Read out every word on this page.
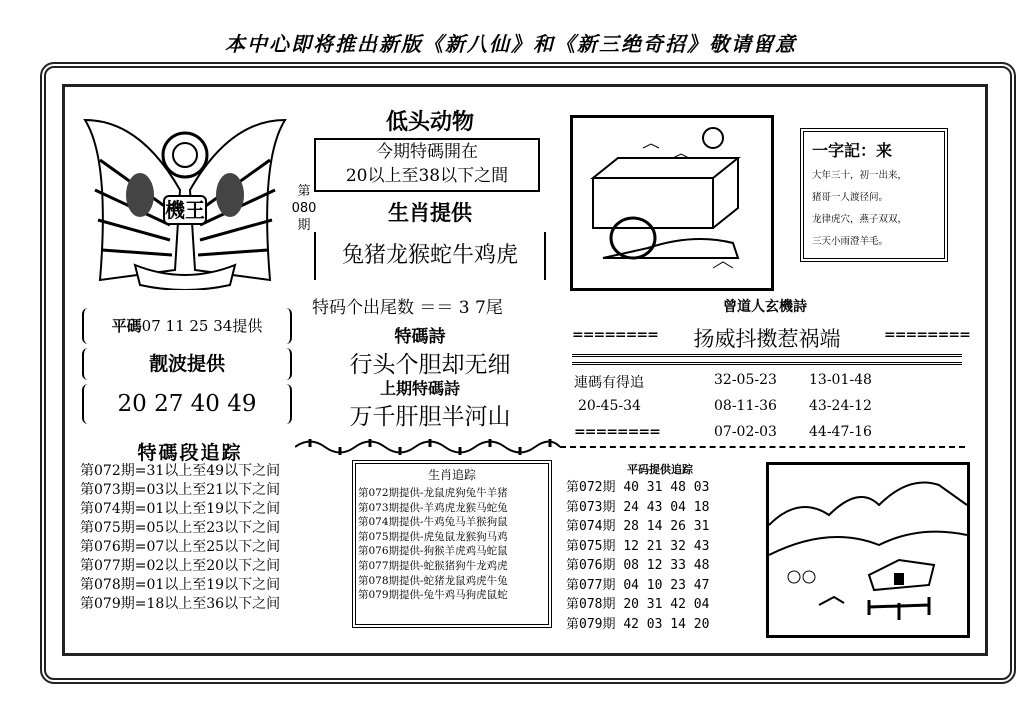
本中心即将推出新版《新八仙》和《新三绝奇招》敬请留意
機王
第
080
期
低头动物
今期特碼開在
20以上至38以下之間
生肖提供
兔猪龙猴蛇牛鸡虎
特码个出尾数 ＝＝ 3 7尾
特碼詩
行头个胆却无细
上期特碼詩
万千肝胆半河山
平碼07 11 25 34提供
靓波提供
20 27 40 49
一字記：来
大年三十，初一出来，
猪哥一人渡径问。
龙律虎穴，燕子双双，
三天小雨澄羊毛。
曾道人玄機詩
========	扬威抖擞惹祸端	========
連碼有得追	32-05-23 13-01-48
20-45-34	08-11-36 43-24-12
========	07-02-03 44-47-16
特碼段追踪
第072期=31以上至49以下之间
第073期=03以上至21以下之间
第074期=01以上至19以下之间
第075期=05以上至23以下之间
第076期=07以上至25以下之间
第077期=02以上至20以下之间
第078期=01以上至19以下之间
第079期=18以上至36以下之间
生肖追踪
第072期提供-龙鼠虎狗兔牛羊猪
第073期提供-羊鸡虎龙猴马蛇兔
第074期提供-牛鸡兔马羊猴狗鼠
第075期提供-虎兔鼠龙猴狗马鸡
第076期提供-狗猴羊虎鸡马蛇鼠
第077期提供-蛇猴猪狗牛龙鸡虎
第078期提供-蛇猪龙鼠鸡虎牛兔
第079期提供-兔牛鸡马狗虎鼠蛇
平码提供追踪
第072期 40 31 48 03
第073期 24 43 04 18
第074期 28 14 26 31
第075期 12 21 32 43
第076期 08 12 33 48
第077期 04 10 23 47
第078期 20 31 42 04
第079期 42 03 14 20
